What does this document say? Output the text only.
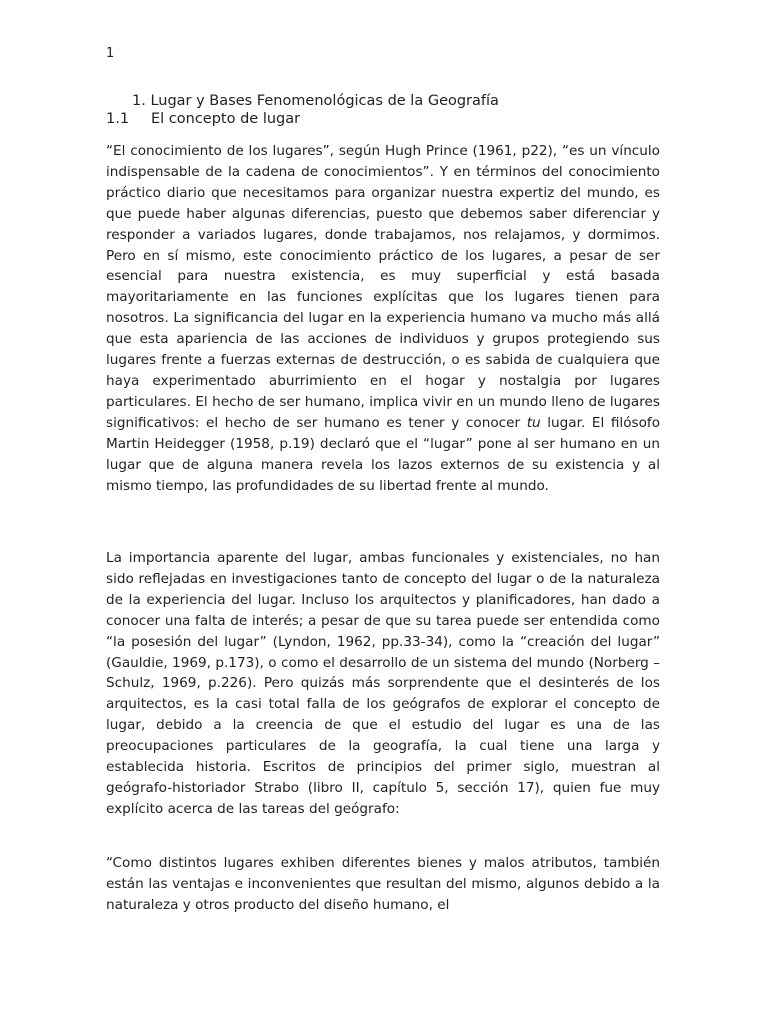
1
1. Lugar y Bases Fenomenológicas de la Geografía
1.1 El concepto de lugar

“El conocimiento de los lugares”, según Hugh Prince (1961, p22), “es un vínculo indispensable de la cadena de conocimientos”. Y en términos del conocimiento práctico diario que necesitamos para organizar nuestra expertiz del mundo, es que puede haber algunas diferencias, puesto que debemos saber diferenciar y responder a variados lugares, donde trabajamos, nos relajamos, y dormimos. Pero en sí mismo, este conocimiento práctico de los lugares, a pesar de ser esencial para nuestra existencia, es muy superficial y está basada mayoritariamente en las funciones explícitas que los lugares tienen para nosotros. La significancia del lugar en la experiencia humano va mucho más allá que esta apariencia de las acciones de individuos y grupos protegiendo sus lugares frente a fuerzas externas de destrucción, o es sabida de cualquiera que haya experimentado aburrimiento en el hogar y nostalgia por lugares particulares. El hecho de ser humano, implica vivir en un mundo lleno de lugares significativos: el hecho de ser humano es tener y conocer tu lugar. El filósofo Martin Heidegger (1958, p.19) declaró que el “lugar” pone al ser humano en un lugar que de alguna manera revela los lazos externos de su existencia y al mismo tiempo, las profundidades de su libertad frente al mundo.

La importancia aparente del lugar, ambas funcionales y existenciales, no han sido reflejadas en investigaciones tanto de concepto del lugar o de la naturaleza de la experiencia del lugar. Incluso los arquitectos y planificadores, han dado a conocer una falta de interés; a pesar de que su tarea puede ser entendida como “la posesión del lugar” (Lyndon, 1962, pp.33-34), como la “creación del lugar” (Gauldie, 1969, p.173), o como el desarrollo de un sistema del mundo (Norberg – Schulz, 1969, p.226). Pero quizás más sorprendente que el desinterés de los arquitectos, es la casi total falla de los geógrafos de explorar el concepto de lugar, debido a la creencia de que el estudio del lugar es una de las preocupaciones particulares de la geografía, la cual tiene una larga y establecida historia. Escritos de principios del primer siglo, muestran al geógrafo-historiador Strabo (libro II, capítulo 5, sección 17), quien fue muy explícito acerca de las tareas del geógrafo:

“Como distintos lugares exhiben diferentes bienes y malos atributos, también están las ventajas e inconvenientes que resultan del mismo, algunos debido a la naturaleza y otros producto del diseño humano, el
